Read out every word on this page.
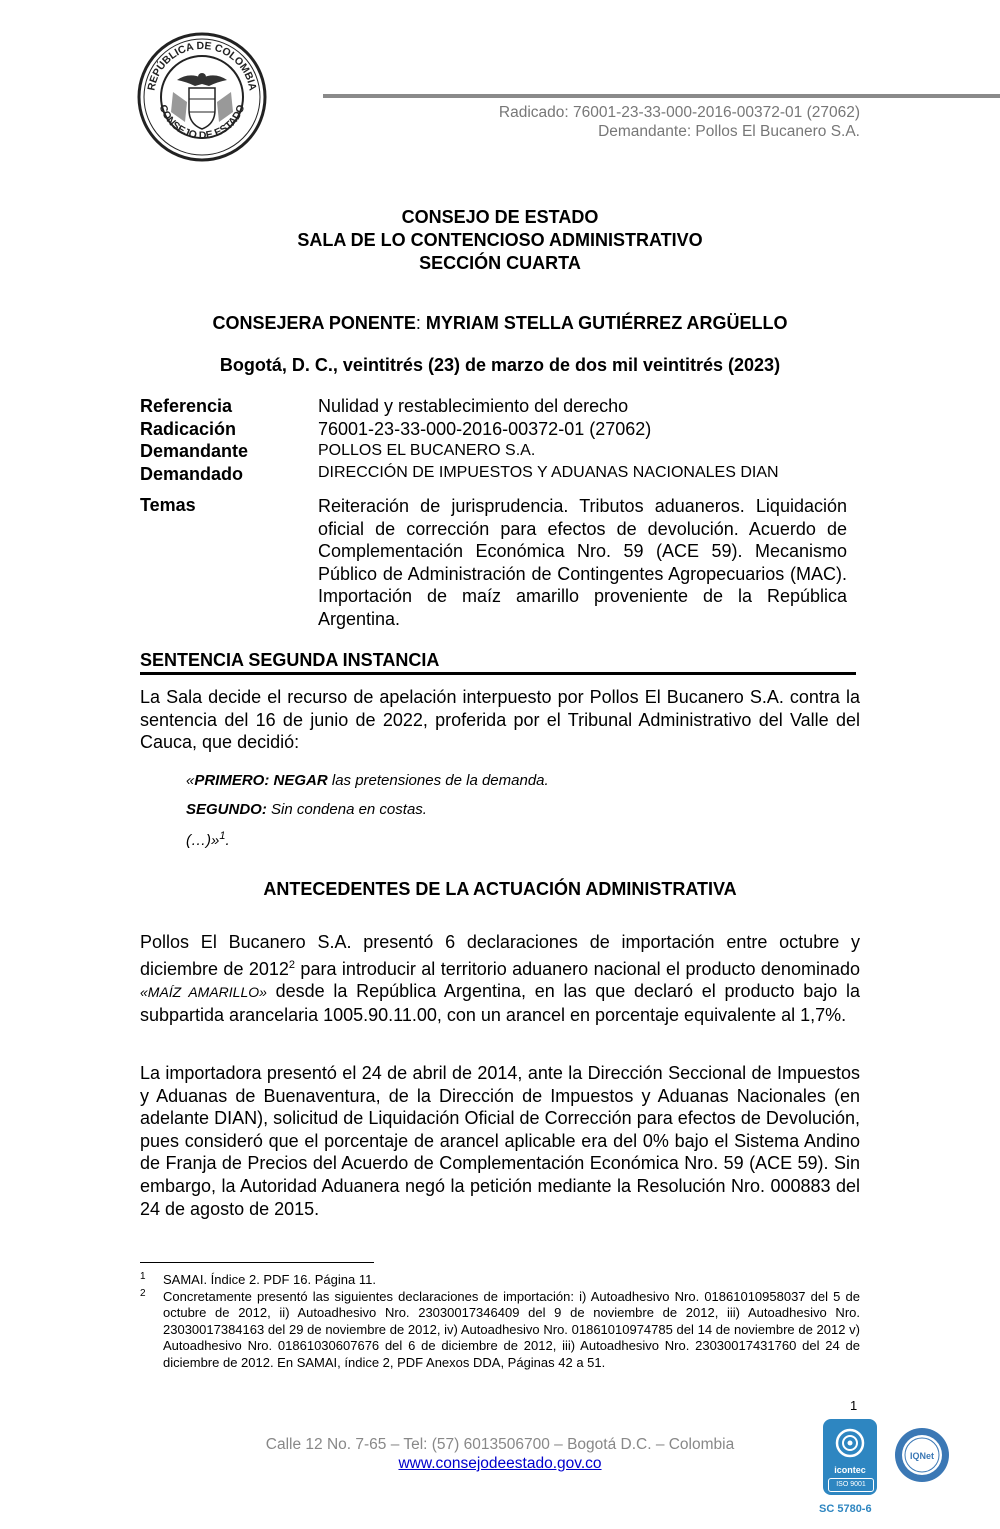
REPÚBLICA DE COLOMBIA
CONSEJO DE ESTADO	Radicado: 76001-23-33-000-2016-00372-01 (27062)
Demandante: Pollos El Bucanero S.A.
CONSEJO DE ESTADO
SALA DE LO CONTENCIOSO ADMINISTRATIVO
SECCIÓN CUARTA
CONSEJERA PONENTE: MYRIAM STELLA GUTIÉRREZ ARGÜELLO
Bogotá, D. C., veintitrés (23) de marzo de dos mil veintitrés (2023)
Referencia	Nulidad y restablecimiento del derecho
Radicación	76001-23-33-000-2016-00372-01 (27062)
Demandante	POLLOS EL BUCANERO S.A.
Demandado	DIRECCIÓN DE IMPUESTOS Y ADUANAS NACIONALES DIAN
Temas	Reiteración de jurisprudencia. Tributos aduaneros. Liquidación oficial de corrección para efectos de devolución. Acuerdo de Complementación Económica Nro. 59 (ACE 59). Mecanismo Público de Administración de Contingentes Agropecuarios (MAC). Importación de maíz amarillo proveniente de la República Argentina.
SENTENCIA SEGUNDA INSTANCIA
La Sala decide el recurso de apelación interpuesto por Pollos El Bucanero S.A. contra la sentencia del 16 de junio de 2022, proferida por el Tribunal Administrativo del Valle del Cauca, que decidió:
«PRIMERO: NEGAR las pretensiones de la demanda.
SEGUNDO: Sin condena en costas.
(…)»$^1$.
ANTECEDENTES DE LA ACTUACIÓN ADMINISTRATIVA
Pollos El Bucanero S.A. presentó 6 declaraciones de importación entre octubre y diciembre de 2012$^2$ para introducir al territorio aduanero nacional el producto denominado «MAÍZ AMARILLO» desde la República Argentina, en las que declaró el producto bajo la subpartida arancelaria 1005.90.11.00, con un arancel en porcentaje equivalente al 1,7%.
La importadora presentó el 24 de abril de 2014, ante la Dirección Seccional de Impuestos y Aduanas de Buenaventura, de la Dirección de Impuestos y Aduanas Nacionales (en adelante DIAN), solicitud de Liquidación Oficial de Corrección para efectos de Devolución, pues consideró que el porcentaje de arancel aplicable era del 0% bajo el Sistema Andino de Franja de Precios del Acuerdo de Complementación Económica Nro. 59 (ACE 59). Sin embargo, la Autoridad Aduanera negó la petición mediante la Resolución Nro. 000883 del 24 de agosto de 2015.
1 SAMAI. Índice 2. PDF 16. Página 11.
2 Concretamente presentó las siguientes declaraciones de importación: i) Autoadhesivo Nro. 01861010958037 del 5 de octubre de 2012, ii) Autoadhesivo Nro. 23030017346409 del 9 de noviembre de 2012, iii) Autoadhesivo Nro. 23030017384163 del 29 de noviembre de 2012, iv) Autoadhesivo Nro. 01861010974785 del 14 de noviembre de 2012 v) Autoadhesivo Nro. 01861030607676 del 6 de diciembre de 2012, iii) Autoadhesivo Nro. 23030017431760 del 24 de diciembre de 2012. En SAMAI, índice 2, PDF Anexos DDA, Páginas 42 a 51.
1
Calle 12 No. 7-65 – Tel: (57) 6013506700 – Bogotá D.C. – Colombia
www.consejodeestado.gov.co	icontec
ISO 9001
SC 5780-6
IQNet
